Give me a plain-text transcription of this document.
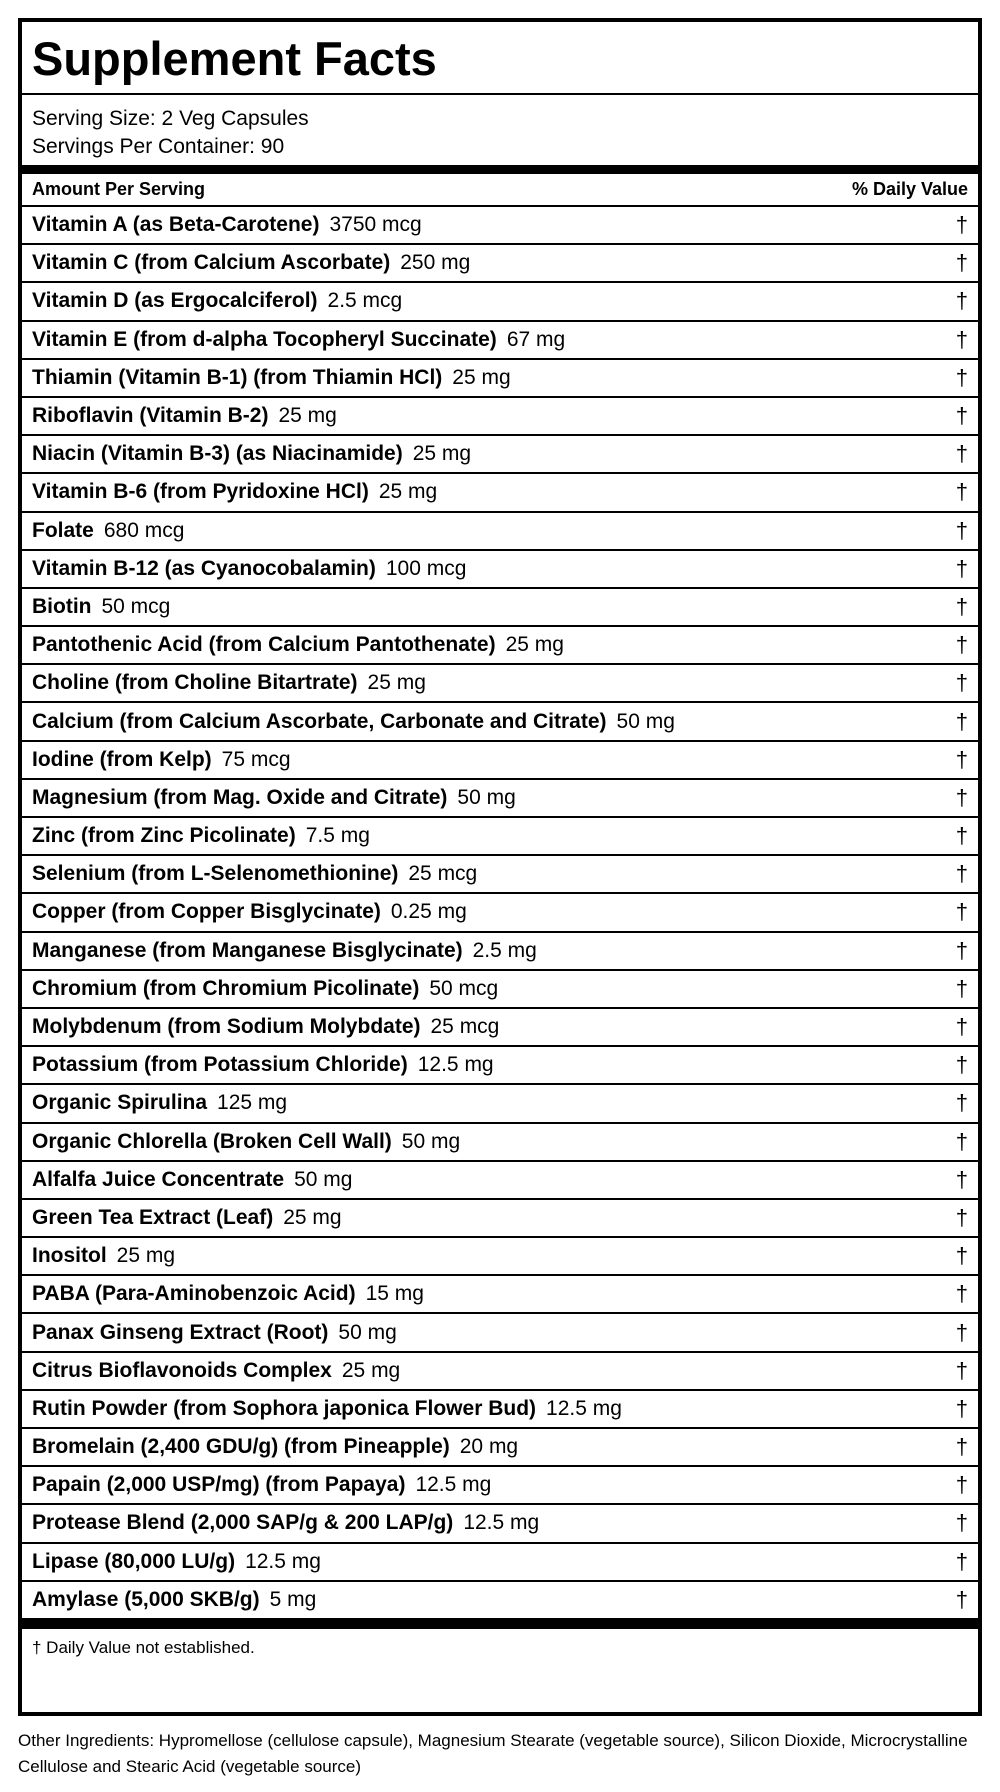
Supplement Facts
Serving Size: 2 Veg Capsules
Servings Per Container: 90
Amount Per Serving	% Daily Value
Vitamin A (as Beta-Carotene) 3750 mcg	†
Vitamin C (from Calcium Ascorbate) 250 mg	†
Vitamin D (as Ergocalciferol) 2.5 mcg	†
Vitamin E (from d-alpha Tocopheryl Succinate) 67 mg	†
Thiamin (Vitamin B-1) (from Thiamin HCl) 25 mg	†
Riboflavin (Vitamin B-2) 25 mg	†
Niacin (Vitamin B-3) (as Niacinamide) 25 mg	†
Vitamin B-6 (from Pyridoxine HCl) 25 mg	†
Folate 680 mcg	†
Vitamin B-12 (as Cyanocobalamin) 100 mcg	†
Biotin 50 mcg	†
Pantothenic Acid (from Calcium Pantothenate) 25 mg	†
Choline (from Choline Bitartrate) 25 mg	†
Calcium (from Calcium Ascorbate, Carbonate and Citrate) 50 mg	†
Iodine (from Kelp) 75 mcg	†
Magnesium (from Mag. Oxide and Citrate) 50 mg	†
Zinc (from Zinc Picolinate) 7.5 mg	†
Selenium (from L-Selenomethionine) 25 mcg	†
Copper (from Copper Bisglycinate) 0.25 mg	†
Manganese (from Manganese Bisglycinate) 2.5 mg	†
Chromium (from Chromium Picolinate) 50 mcg	†
Molybdenum (from Sodium Molybdate) 25 mcg	†
Potassium (from Potassium Chloride) 12.5 mg	†
Organic Spirulina 125 mg	†
Organic Chlorella (Broken Cell Wall) 50 mg	†
Alfalfa Juice Concentrate 50 mg	†
Green Tea Extract (Leaf) 25 mg	†
Inositol 25 mg	†
PABA (Para-Aminobenzoic Acid) 15 mg	†
Panax Ginseng Extract (Root) 50 mg	†
Citrus Bioflavonoids Complex 25 mg	†
Rutin Powder (from Sophora japonica Flower Bud) 12.5 mg	†
Bromelain (2,400 GDU/g) (from Pineapple) 20 mg	†
Papain (2,000 USP/mg) (from Papaya) 12.5 mg	†
Protease Blend (2,000 SAP/g & 200 LAP/g) 12.5 mg	†
Lipase (80,000 LU/g) 12.5 mg	†
Amylase (5,000 SKB/g) 5 mg	†
† Daily Value not established.
Other Ingredients: Hypromellose (cellulose capsule), Magnesium Stearate (vegetable source), Silicon Dioxide, Microcrystalline Cellulose and Stearic Acid (vegetable source)
